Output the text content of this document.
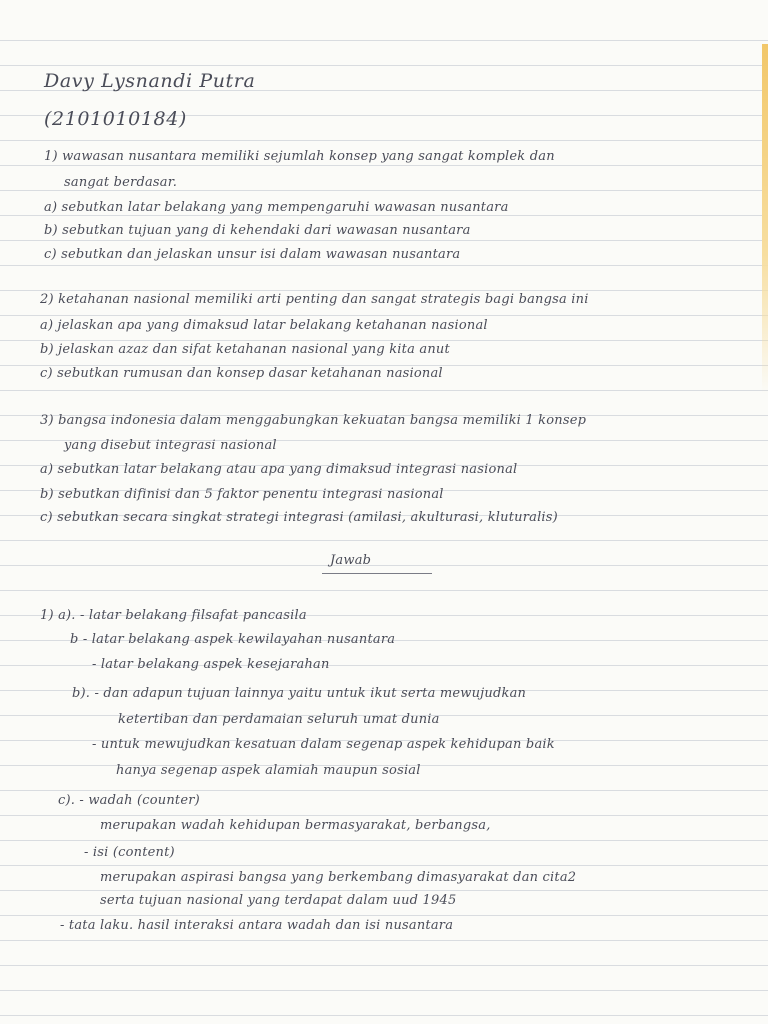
Davy Lysnandi Putra

(2101010184)

1) wawasan nusantara memiliki sejumlah konsep yang sangat komplek dan

sangat berdasar.

a) sebutkan latar belakang yang mempengaruhi wawasan nusantara

b) sebutkan tujuan yang di kehendaki dari wawasan nusantara

c) sebutkan dan jelaskan unsur isi dalam wawasan nusantara

2) ketahanan nasional memiliki arti penting dan sangat strategis bagi bangsa ini

a) jelaskan apa yang dimaksud latar belakang ketahanan nasional

b) jelaskan azaz dan sifat ketahanan nasional yang kita anut

c) sebutkan rumusan dan konsep dasar ketahanan nasional

3) bangsa indonesia dalam menggabungkan kekuatan bangsa memiliki 1 konsep

yang disebut integrasi nasional

a) sebutkan latar belakang atau apa yang dimaksud integrasi nasional

b) sebutkan difinisi dan 5 faktor penentu integrasi nasional

c) sebutkan secara singkat strategi integrasi (amilasi, akulturasi, kluturalis)

Jawab

1) a). - latar belakang filsafat pancasila

b - latar belakang aspek kewilayahan nusantara

- latar belakang aspek kesejarahan

b). - dan adapun tujuan lainnya yaitu untuk ikut serta mewujudkan

ketertiban dan perdamaian seluruh umat dunia

- untuk mewujudkan kesatuan dalam segenap aspek kehidupan baik

hanya segenap aspek alamiah maupun sosial

c). - wadah (counter)

merupakan wadah kehidupan bermasyarakat, berbangsa,

- isi (content)

merupakan aspirasi bangsa yang berkembang dimasyarakat dan cita2

serta tujuan nasional yang terdapat dalam uud 1945

- tata laku. hasil interaksi antara wadah dan isi nusantara
